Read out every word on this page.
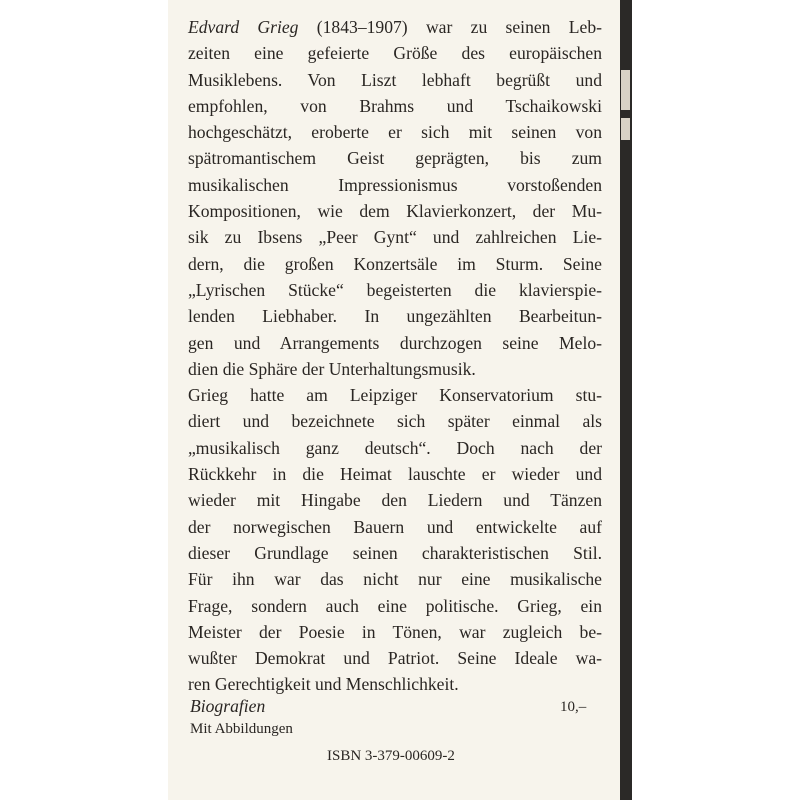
Edvard Grieg (1843–1907) war zu seinen Leb-
zeiten eine gefeierte Größe des europäischen
Musiklebens. Von Liszt lebhaft begrüßt und
empfohlen, von Brahms und Tschaikowski
hochgeschätzt, eroberte er sich mit seinen von
spätromantischem Geist geprägten, bis zum
musikalischen Impressionismus vorstoßenden
Kompositionen, wie dem Klavierkonzert, der Mu-
sik zu Ibsens „Peer Gynt“ und zahlreichen Lie-
dern, die großen Konzertsäle im Sturm. Seine
„Lyrischen Stücke“ begeisterten die klavierspie-
lenden Liebhaber. In ungezählten Bearbeitun-
gen und Arrangements durchzogen seine Melo-
dien die Sphäre der Unterhaltungsmusik.
Grieg hatte am Leipziger Konservatorium stu-
diert und bezeichnete sich später einmal als
„musikalisch ganz deutsch“. Doch nach der
Rückkehr in die Heimat lauschte er wieder und
wieder mit Hingabe den Liedern und Tänzen
der norwegischen Bauern und entwickelte auf
dieser Grundlage seinen charakteristischen Stil.
Für ihn war das nicht nur eine musikalische
Frage, sondern auch eine politische. Grieg, ein
Meister der Poesie in Tönen, war zugleich be-
wußter Demokrat und Patriot. Seine Ideale wa-
ren Gerechtigkeit und Menschlichkeit.

Biografien

Mit Abbildungen

10,–

ISBN 3-379-00609-2
